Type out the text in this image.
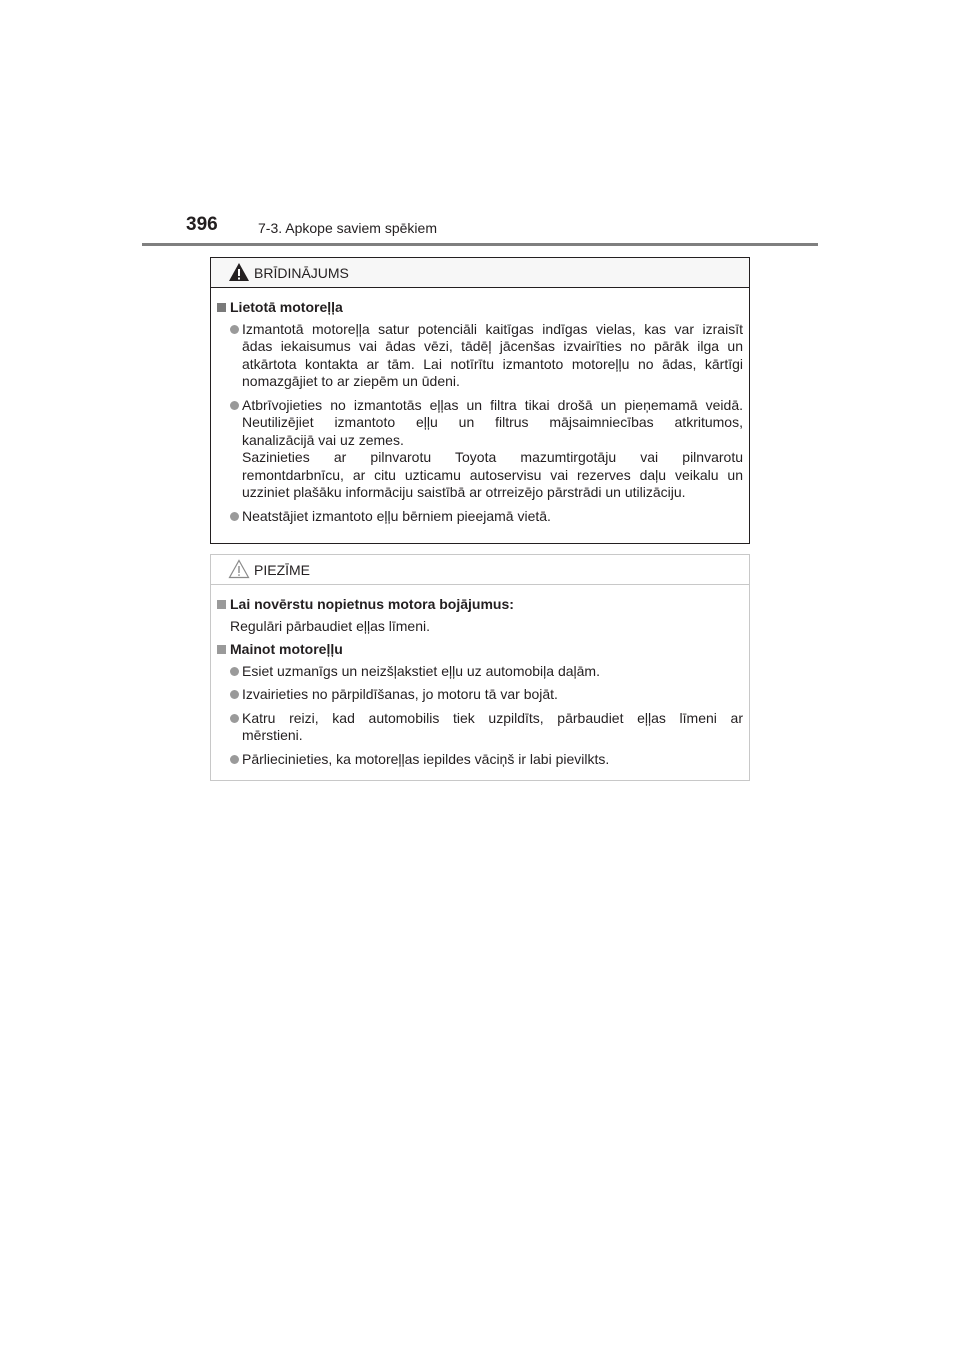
396	7-3. Apkope saviem spēkiem
BRĪDINĀJUMS
Lietotā motoreļļa
Izmantotā motoreļļa satur potenciāli kaitīgas indīgas vielas, kas var izraisīt
ādas iekaisumus vai ādas vēzi, tādēļ jācenšas izvairīties no pārāk ilga un
atkārtota kontakta ar tām. Lai notīrītu izmantoto motoreļļu no ādas, kārtīgi
nomazgājiet to ar ziepēm un ūdeni.
Atbrīvojieties no izmantotās eļļas un filtra tikai drošā un pieņemamā veidā.
Neutilizējiet izmantoto eļļu un filtrus mājsaimniecības atkritumos,
kanalizācijā vai uz zemes.
Sazinieties ar pilnvarotu Toyota mazumtirgotāju vai pilnvarotu
remontdarbnīcu, ar citu uzticamu autoservisu vai rezerves daļu veikalu un
uzziniet plašāku informāciju saistībā ar otrreizējo pārstrādi un utilizāciju.
Neatstājiet izmantoto eļļu bērniem pieejamā vietā.
PIEZĪME
Lai novērstu nopietnus motora bojājumus:
Regulāri pārbaudiet eļļas līmeni.
Mainot motoreļļu
Esiet uzmanīgs un neizšļakstiet eļļu uz automobiļa daļām.
Izvairieties no pārpildīšanas, jo motoru tā var bojāt.
Katru reizi, kad automobilis tiek uzpildīts, pārbaudiet eļļas līmeni ar
mērstieni.
Pārliecinieties, ka motoreļļas iepildes vāciņš ir labi pievilkts.
